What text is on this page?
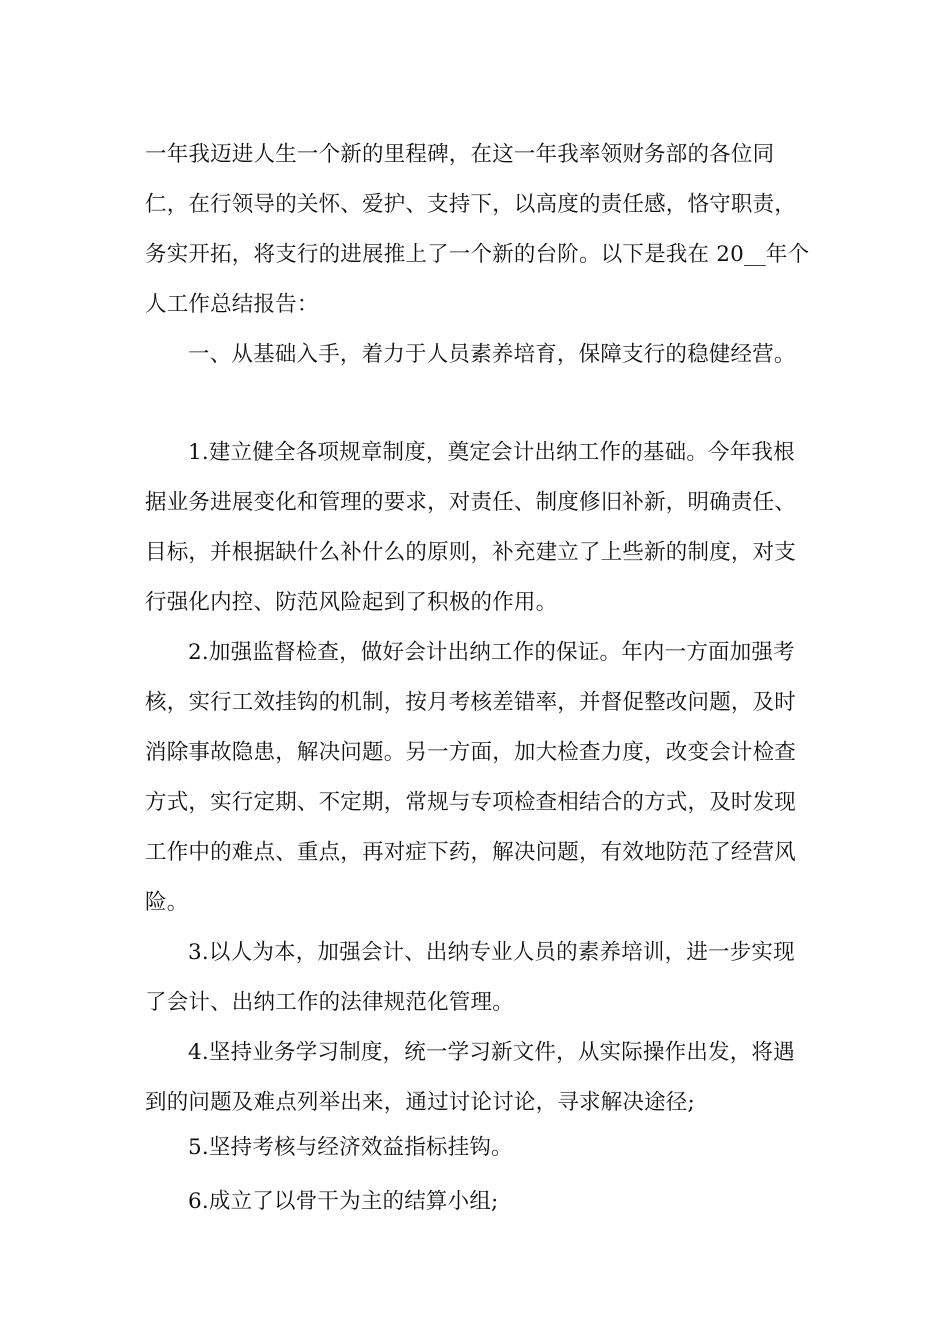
一年我迈进人生一个新的里程碑，在这一年我率领财务部的各位同仁，在行领导的关怀、爱护、支持下，以高度的责任感，恪守职责，务实开拓，将支行的进展推上了一个新的台阶。以下是我在 20__年个人工作总结报告：

一、从基础入手，着力于人员素养培育，保障支行的稳健经营。

1.建立健全各项规章制度，奠定会计出纳工作的基础。今年我根据业务进展变化和管理的要求，对责任、制度修旧补新，明确责任、目标，并根据缺什么补什么的原则，补充建立了上些新的制度，对支行强化内控、防范风险起到了积极的作用。

2.加强监督检查，做好会计出纳工作的保证。年内一方面加强考核，实行工效挂钩的机制，按月考核差错率，并督促整改问题，及时消除事故隐患，解决问题。另一方面，加大检查力度，改变会计检查方式，实行定期、不定期，常规与专项检查相结合的方式，及时发现工作中的难点、重点，再对症下药，解决问题，有效地防范了经营风险。

3.以人为本，加强会计、出纳专业人员的素养培训，进一步实现了会计、出纳工作的法律规范化管理。

4.坚持业务学习制度，统一学习新文件，从实际操作出发，将遇到的问题及难点列举出来，通过讨论讨论，寻求解决途径;

5.坚持考核与经济效益指标挂钩。

6.成立了以骨干为主的结算小组;
